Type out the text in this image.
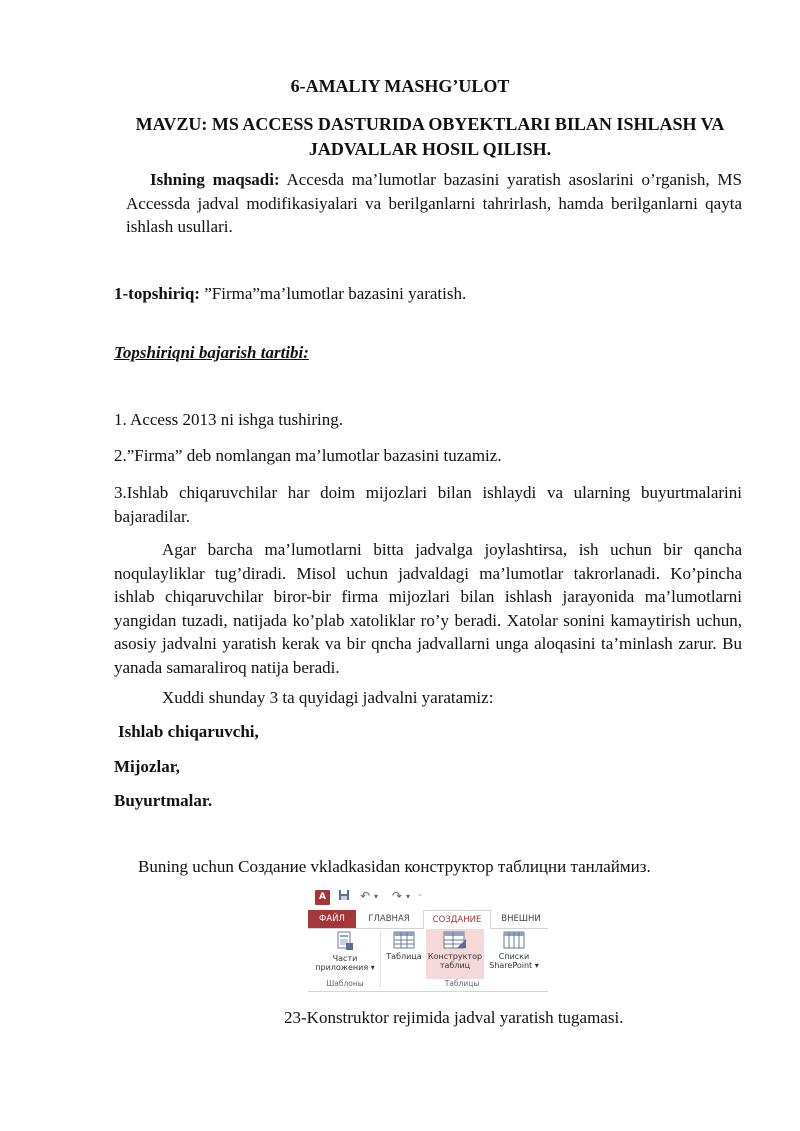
6-AMALIY MASHG’ULOT
MAVZU: MS ACCESS DASTURIDA OBYEKTLARI BILAN ISHLASH VA JADVALLAR HOSIL QILISH.
Ishning maqsadi: Accesda ma’lumotlar bazasini yaratish asoslarini o’rganish, MS Accessda jadval modifikasiyalari va berilganlarni tahrirlash, hamda berilganlarni qayta ishlash usullari.
1-topshiriq: ”Firma”ma’lumotlar bazasini yaratish.
Topshiriqni bajarish tartibi:
1. Access 2013 ni ishga tushiring.
2.”Firma” deb nomlangan ma’lumotlar bazasini tuzamiz.
3.Ishlab chiqaruvchilar har doim mijozlari bilan ishlaydi va ularning buyurtmalarini bajaradilar.
Agar barcha ma’lumotlarni bitta jadvalga joylashtirsa, ish uchun bir qancha noqulayliklar tug’diradi. Misol uchun jadvaldagi ma’lumotlar takrorlanadi. Ko’pincha ishlab chiqaruvchilar biror-bir firma mijozlari bilan ishlash jarayonida ma’lumotlarni yangidan tuzadi, natijada ko’plab xatoliklar ro’y beradi. Xatolar sonini kamaytirish uchun, asosiy jadvalni yaratish kerak va bir qncha jadvallarni unga aloqasini ta’minlash zarur. Bu yanada samaraliroq natija beradi.
Xuddi shunday 3 ta quyidagi jadvalni yaratamiz:
Ishlab chiqaruvchi,
Mijozlar,
Buyurtmalar.
Buning uchun Создание vkladkasidan конструктор таблицни танлаймиз.
A	↶ ▾ ↷ ▾ ⁼
ФАЙЛ	ГЛАВНАЯ	СОЗДАНИЕ	ВНЕШНИ
Части
приложения ▾
Таблица Конструктор
таблиц
Списки
SharePoint ▾
Шаблоны	Таблицы
23-Konstruktor rejimida jadval yaratish tugamasi.
